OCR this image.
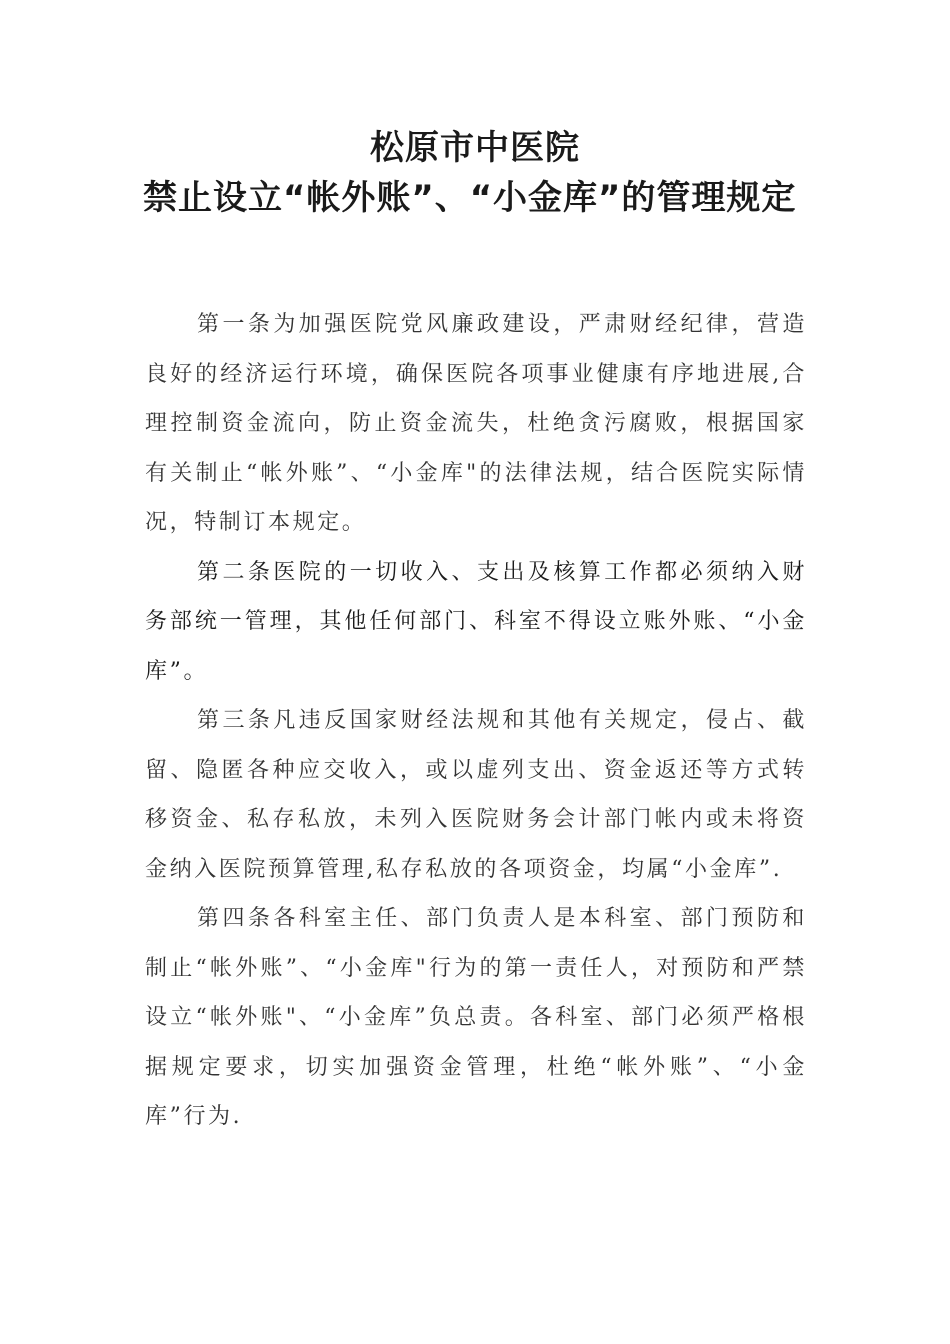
松原市中医院
禁止设立“帐外账”、“小金库”的管理规定

第一条为加强医院党风廉政建设，严肃财经纪律，营造良好的经济运行环境，确保医院各项事业健康有序地进展,合理控制资金流向，防止资金流失，杜绝贪污腐败，根据国家有关制止“帐外账”、“小金库"的法律法规，结合医院实际情况，特制订本规定。

第二条医院的一切收入、支出及核算工作都必须纳入财务部统一管理，其他任何部门、科室不得设立账外账、“小金库”。

第三条凡违反国家财经法规和其他有关规定，侵占、截留、隐匿各种应交收入，或以虚列支出、资金返还等方式转移资金、私存私放，未列入医院财务会计部门帐内或未将资金纳入医院预算管理,私存私放的各项资金，均属“小金库”.

第四条各科室主任、部门负责人是本科室、部门预防和制止“帐外账”、“小金库"行为的第一责任人，对预防和严禁设立“帐外账"、“小金库”负总责。各科室、部门必须严格根据规定要求，切实加强资金管理，杜绝“帐外账”、“小金库”行为.
